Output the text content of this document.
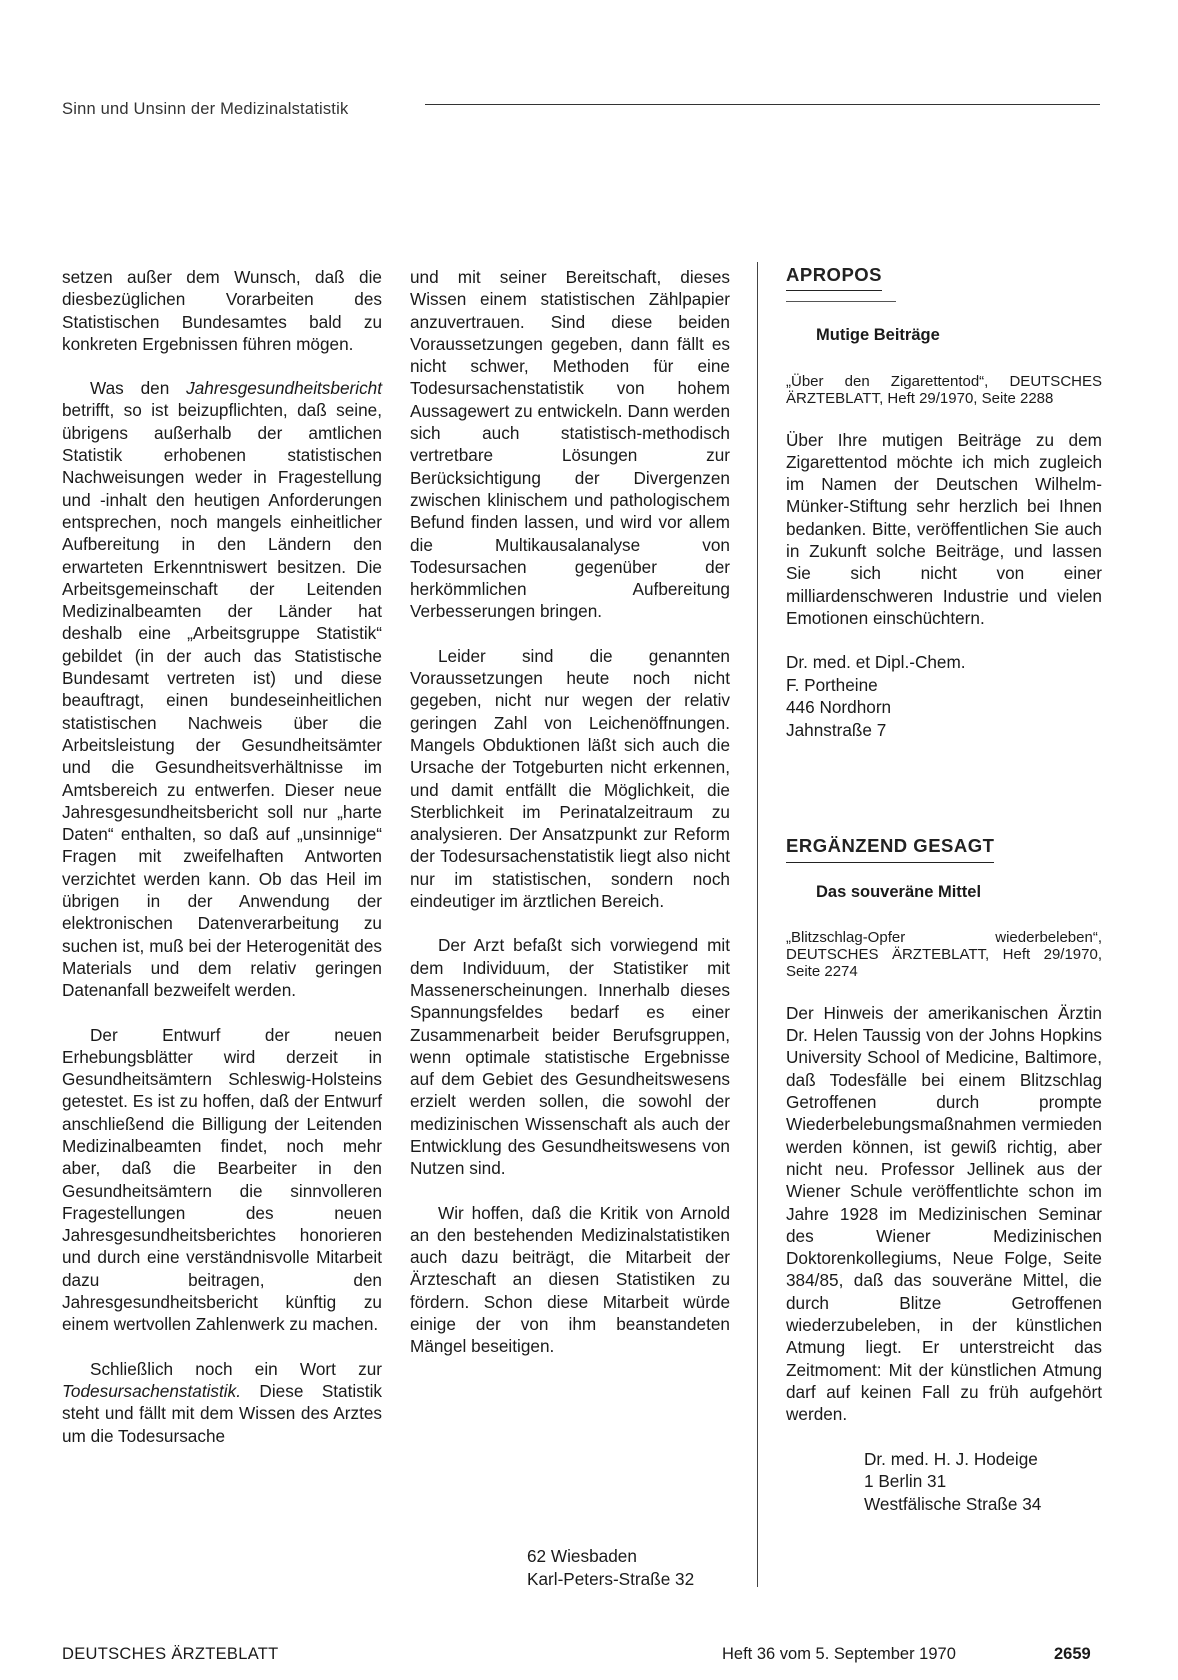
Sinn und Unsinn der Medizinalstatistik

setzen außer dem Wunsch, daß die diesbezüglichen Vorarbeiten des Statistischen Bundesamtes bald zu konkreten Ergebnissen führen mögen.

Was den Jahresgesundheitsbericht betrifft, so ist beizupflichten, daß seine, übrigens außerhalb der amtlichen Statistik erhobenen statistischen Nachweisungen weder in Fragestellung und -inhalt den heutigen Anforderungen entsprechen, noch mangels einheitlicher Aufbereitung in den Ländern den erwarteten Erkenntniswert besitzen. Die Arbeitsgemeinschaft der Leitenden Medizinalbeamten der Länder hat deshalb eine „Arbeitsgruppe Statistik“ gebildet (in der auch das Statistische Bundesamt vertreten ist) und diese beauftragt, einen bundeseinheitlichen statistischen Nachweis über die Arbeitsleistung der Gesundheitsämter und die Gesundheitsverhältnisse im Amtsbereich zu entwerfen. Dieser neue Jahresgesundheitsbericht soll nur „harte Daten“ enthalten, so daß auf „unsinnige“ Fragen mit zweifelhaften Antworten verzichtet werden kann. Ob das Heil im übrigen in der Anwendung der elektronischen Datenverarbeitung zu suchen ist, muß bei der Heterogenität des Materials und dem relativ geringen Datenanfall bezweifelt werden.

Der Entwurf der neuen Erhebungsblätter wird derzeit in Gesundheitsämtern Schleswig-Holsteins getestet. Es ist zu hoffen, daß der Entwurf anschließend die Billigung der Leitenden Medizinalbeamten findet, noch mehr aber, daß die Bearbeiter in den Gesundheitsämtern die sinnvolleren Fragestellungen des neuen Jahresgesundheitsberichtes honorieren und durch eine verständnisvolle Mitarbeit dazu beitragen, den Jahresgesundheitsbericht künftig zu einem wertvollen Zahlenwerk zu machen.

Schließlich noch ein Wort zur Todesursachenstatistik. Diese Statistik steht und fällt mit dem Wissen des Arztes um die Todesursache

und mit seiner Bereitschaft, dieses Wissen einem statistischen Zählpapier anzuvertrauen. Sind diese beiden Voraussetzungen gegeben, dann fällt es nicht schwer, Methoden für eine Todesursachenstatistik von hohem Aussagewert zu entwickeln. Dann werden sich auch statistisch-methodisch vertretbare Lösungen zur Berücksichtigung der Divergenzen zwischen klinischem und pathologischem Befund finden lassen, und wird vor allem die Multikausalanalyse von Todesursachen gegenüber der herkömmlichen Aufbereitung Verbesserungen bringen.

Leider sind die genannten Voraussetzungen heute noch nicht gegeben, nicht nur wegen der relativ geringen Zahl von Leichenöffnungen. Mangels Obduktionen läßt sich auch die Ursache der Totgeburten nicht erkennen, und damit entfällt die Möglichkeit, die Sterblichkeit im Perinatalzeitraum zu analysieren. Der Ansatzpunkt zur Reform der Todesursachenstatistik liegt also nicht nur im statistischen, sondern noch eindeutiger im ärztlichen Bereich.

Der Arzt befaßt sich vorwiegend mit dem Individuum, der Statistiker mit Massenerscheinungen. Innerhalb dieses Spannungsfeldes bedarf es einer Zusammenarbeit beider Berufsgruppen, wenn optimale statistische Ergebnisse auf dem Gebiet des Gesundheitswesens erzielt werden sollen, die sowohl der medizinischen Wissenschaft als auch der Entwicklung des Gesundheitswesens von Nutzen sind.

Wir hoffen, daß die Kritik von Arnold an den bestehenden Medizinalstatistiken auch dazu beiträgt, die Mitarbeit der Ärzteschaft an diesen Statistiken zu fördern. Schon diese Mitarbeit würde einige der von ihm beanstandeten Mängel beseitigen.

62 Wiesbaden
Karl-Peters-Straße 32
APROPOS
Mutige Beiträge

„Über den Zigarettentod“, DEUTSCHES ÄRZTEBLATT, Heft 29/1970, Seite 2288

Über Ihre mutigen Beiträge zu dem Zigarettentod möchte ich mich zugleich im Namen der Deutschen Wilhelm-Münker-Stiftung sehr herzlich bei Ihnen bedanken. Bitte, veröffentlichen Sie auch in Zukunft solche Beiträge, und lassen Sie sich nicht von einer milliardenschweren Industrie und vielen Emotionen einschüchtern.

Dr. med. et Dipl.-Chem.
F. Portheine
446 Nordhorn
Jahnstraße 7

ERGÄNZEND GESAGT
Das souveräne Mittel

„Blitzschlag-Opfer wiederbeleben“, DEUTSCHES ÄRZTEBLATT, Heft 29/1970, Seite 2274

Der Hinweis der amerikanischen Ärztin Dr. Helen Taussig von der Johns Hopkins University School of Medicine, Baltimore, daß Todesfälle bei einem Blitzschlag Getroffenen durch prompte Wiederbelebungsmaßnahmen vermieden werden können, ist gewiß richtig, aber nicht neu. Professor Jellinek aus der Wiener Schule veröffentlichte schon im Jahre 1928 im Medizinischen Seminar des Wiener Medizinischen Doktorenkollegiums, Neue Folge, Seite 384/85, daß das souveräne Mittel, die durch Blitze Getroffenen wiederzubeleben, in der künstlichen Atmung liegt. Er unterstreicht das Zeitmoment: Mit der künstlichen Atmung darf auf keinen Fall zu früh aufgehört werden.

Dr. med. H. J. Hodeige
1 Berlin 31
Westfälische Straße 34

DEUTSCHES ÄRZTEBLATT	Heft 36 vom 5. September 1970	2659
